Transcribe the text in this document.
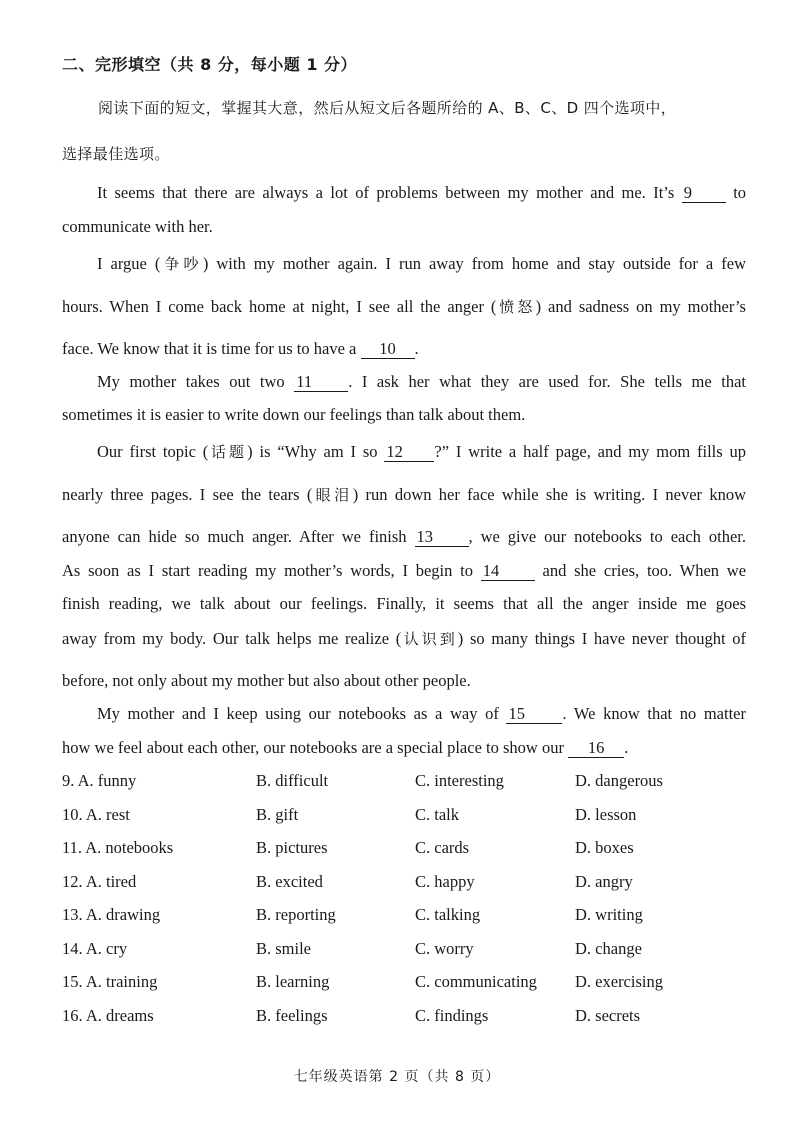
二、完形填空（共 8 分，每小题 1 分）
阅读下面的短文，掌握其大意，然后从短文后各题所给的 A、B、C、D 四个选项中，
选择最佳选项。
It seems that there are always a lot of problems between my mother and me. It’s 9 to
communicate with her.
I argue (争吵) with my mother again. I run away from home and stay outside for a few
hours. When I come back home at night, I see all the anger (愤怒) and sadness on my mother’s
face. We know that it is time for us to have a 10 .
My mother takes out two 11 . I ask her what they are used for. She tells me that
sometimes it is easier to write down our feelings than talk about them.
Our first topic (话题) is “Why am I so 12 ?” I write a half page, and my mom fills up
nearly three pages. I see the tears (眼泪) run down her face while she is writing. I never know
anyone can hide so much anger. After we finish 13 , we give our notebooks to each other.
As soon as I start reading my mother’s words, I begin to 14	and she cries, too. When we
finish reading, we talk about our feelings. Finally, it seems that all the anger inside me goes
away from my body. Our talk helps me realize (认识到) so many things I have never thought of
before, not only about my mother but also about other people.
My mother and I keep using our notebooks as a way of 15 . We know that no matter
how we feel about each other, our notebooks are a special place to show our 16 .
9. A. funny	B. difficult	C. interesting	D. dangerous
10. A. rest	B. gift	C. talk	D. lesson
11. A. notebooks	B. pictures	C. cards	D. boxes
12. A. tired	B. excited	C. happy	D. angry
13. A. drawing	B. reporting	C. talking	D. writing
14. A. cry	B. smile	C. worry	D. change
15. A. training	B. learning	C. communicating D. exercising
16. A. dreams	B. feelings	C. findings	D. secrets
七年级英语第 2 页（共 8 页）
